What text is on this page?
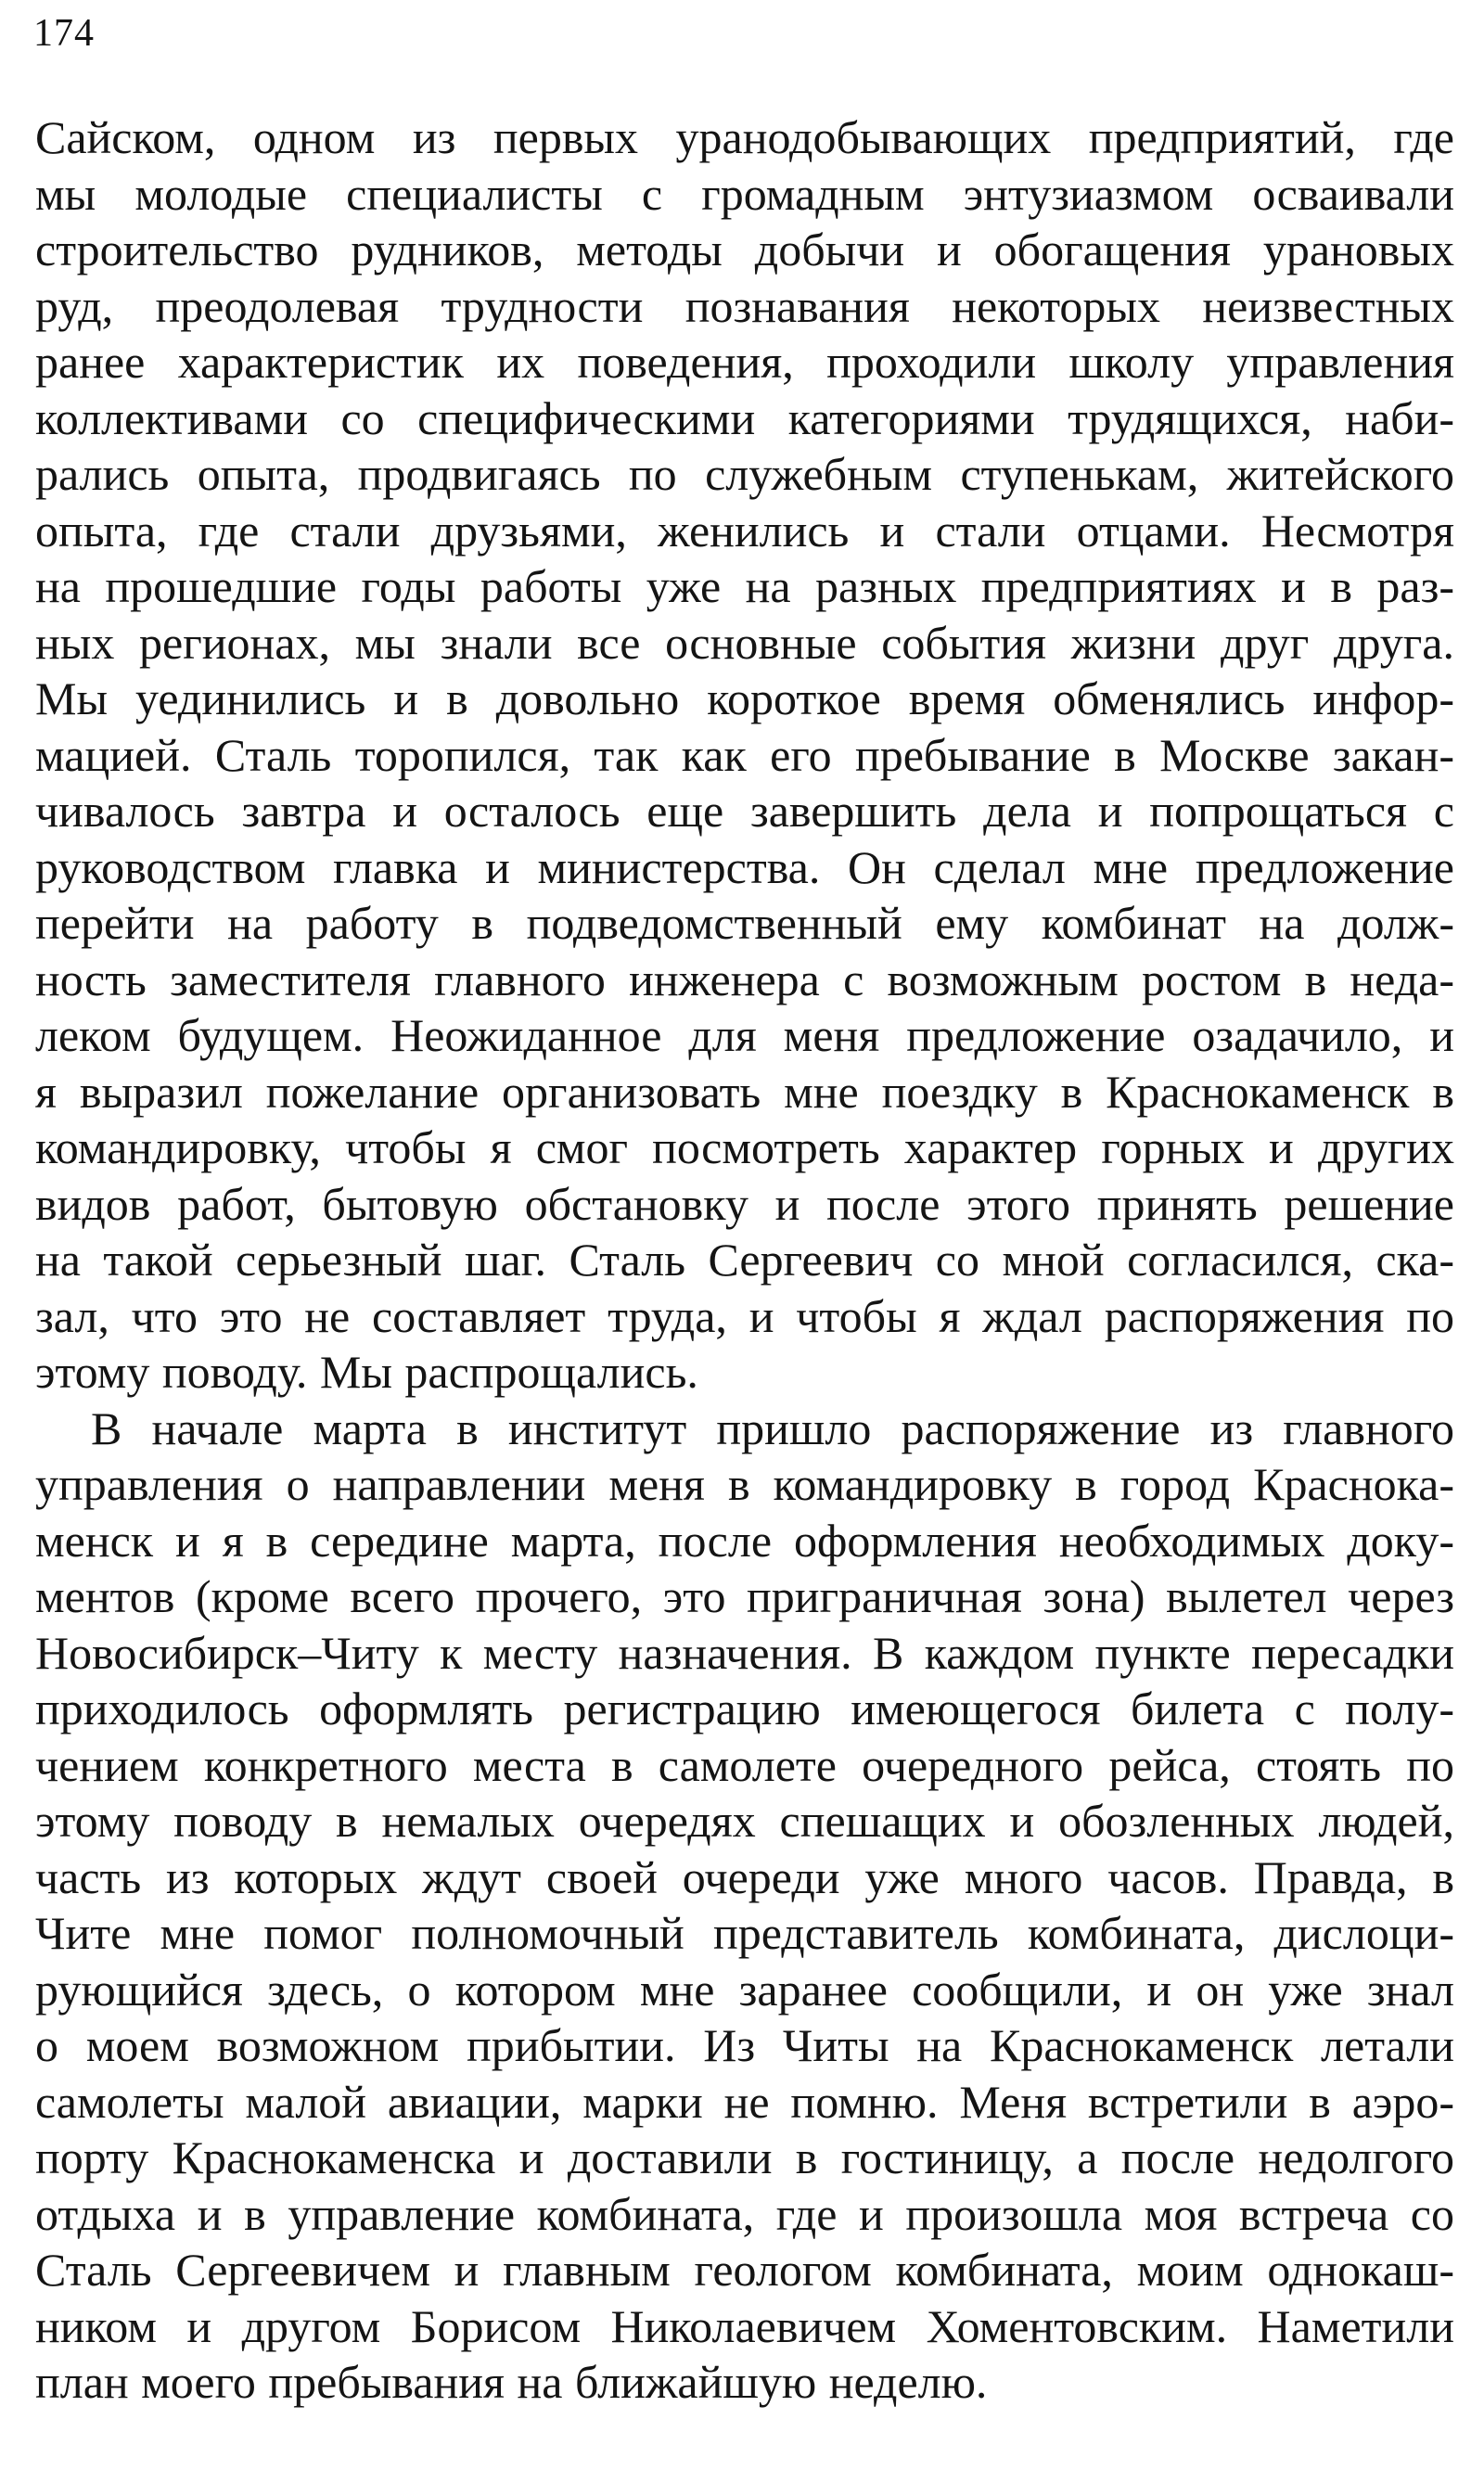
174

Сайском, одном из первых уранодобывающих предприятий, где
мы молодые специалисты с громадным энтузиазмом осваивали
строительство рудников, методы добычи и обогащения урановых
руд, преодолевая трудности познавания некоторых неизвестных
ранее характеристик их поведения, проходили школу управления
коллективами со специфическими категориями трудящихся, наби-
рались опыта, продвигаясь по служебным ступенькам, житейского
опыта, где стали друзьями, женились и стали отцами. Несмотря
на прошедшие годы работы уже на разных предприятиях и в раз-
ных регионах, мы знали все основные события жизни друг друга.
Мы уединились и в довольно короткое время обменялись инфор-
мацией. Сталь торопился, так как его пребывание в Москве закан-
чивалось завтра и осталось еще завершить дела и попрощаться с
руководством главка и министерства. Он сделал мне предложение
перейти на работу в подведомственный ему комбинат на долж-
ность заместителя главного инженера с возможным ростом в неда-
леком будущем. Неожиданное для меня предложение озадачило, и
я выразил пожелание организовать мне поездку в Краснокаменск в
командировку, чтобы я смог посмотреть характер горных и других
видов работ, бытовую обстановку и после этого принять решение
на такой серьезный шаг. Сталь Сергеевич со мной согласился, ска-
зал, что это не составляет труда, и чтобы я ждал распоряжения по
этому поводу. Мы распрощались.

В начале марта в институт пришло распоряжение из главного
управления о направлении меня в командировку в город Краснока-
менск и я в середине марта, после оформления необходимых доку-
ментов (кроме всего прочего, это приграничная зона) вылетел через
Новосибирск–Читу к месту назначения. В каждом пункте пересадки
приходилось оформлять регистрацию имеющегося билета с полу-
чением конкретного места в самолете очередного рейса, стоять по
этому поводу в немалых очередях спешащих и обозленных людей,
часть из которых ждут своей очереди уже много часов. Правда, в
Чите мне помог полномочный представитель комбината, дислоци-
рующийся здесь, о котором мне заранее сообщили, и он уже знал
о моем возможном прибытии. Из Читы на Краснокаменск летали
самолеты малой авиации, марки не помню. Меня встретили в аэро-
порту Краснокаменска и доставили в гостиницу, а после недолгого
отдыха и в управление комбината, где и произошла моя встреча со
Сталь Сергеевичем и главным геологом комбината, моим однокаш-
ником и другом Борисом Николаевичем Хоментовским. Наметили
план моего пребывания на ближайшую неделю.
